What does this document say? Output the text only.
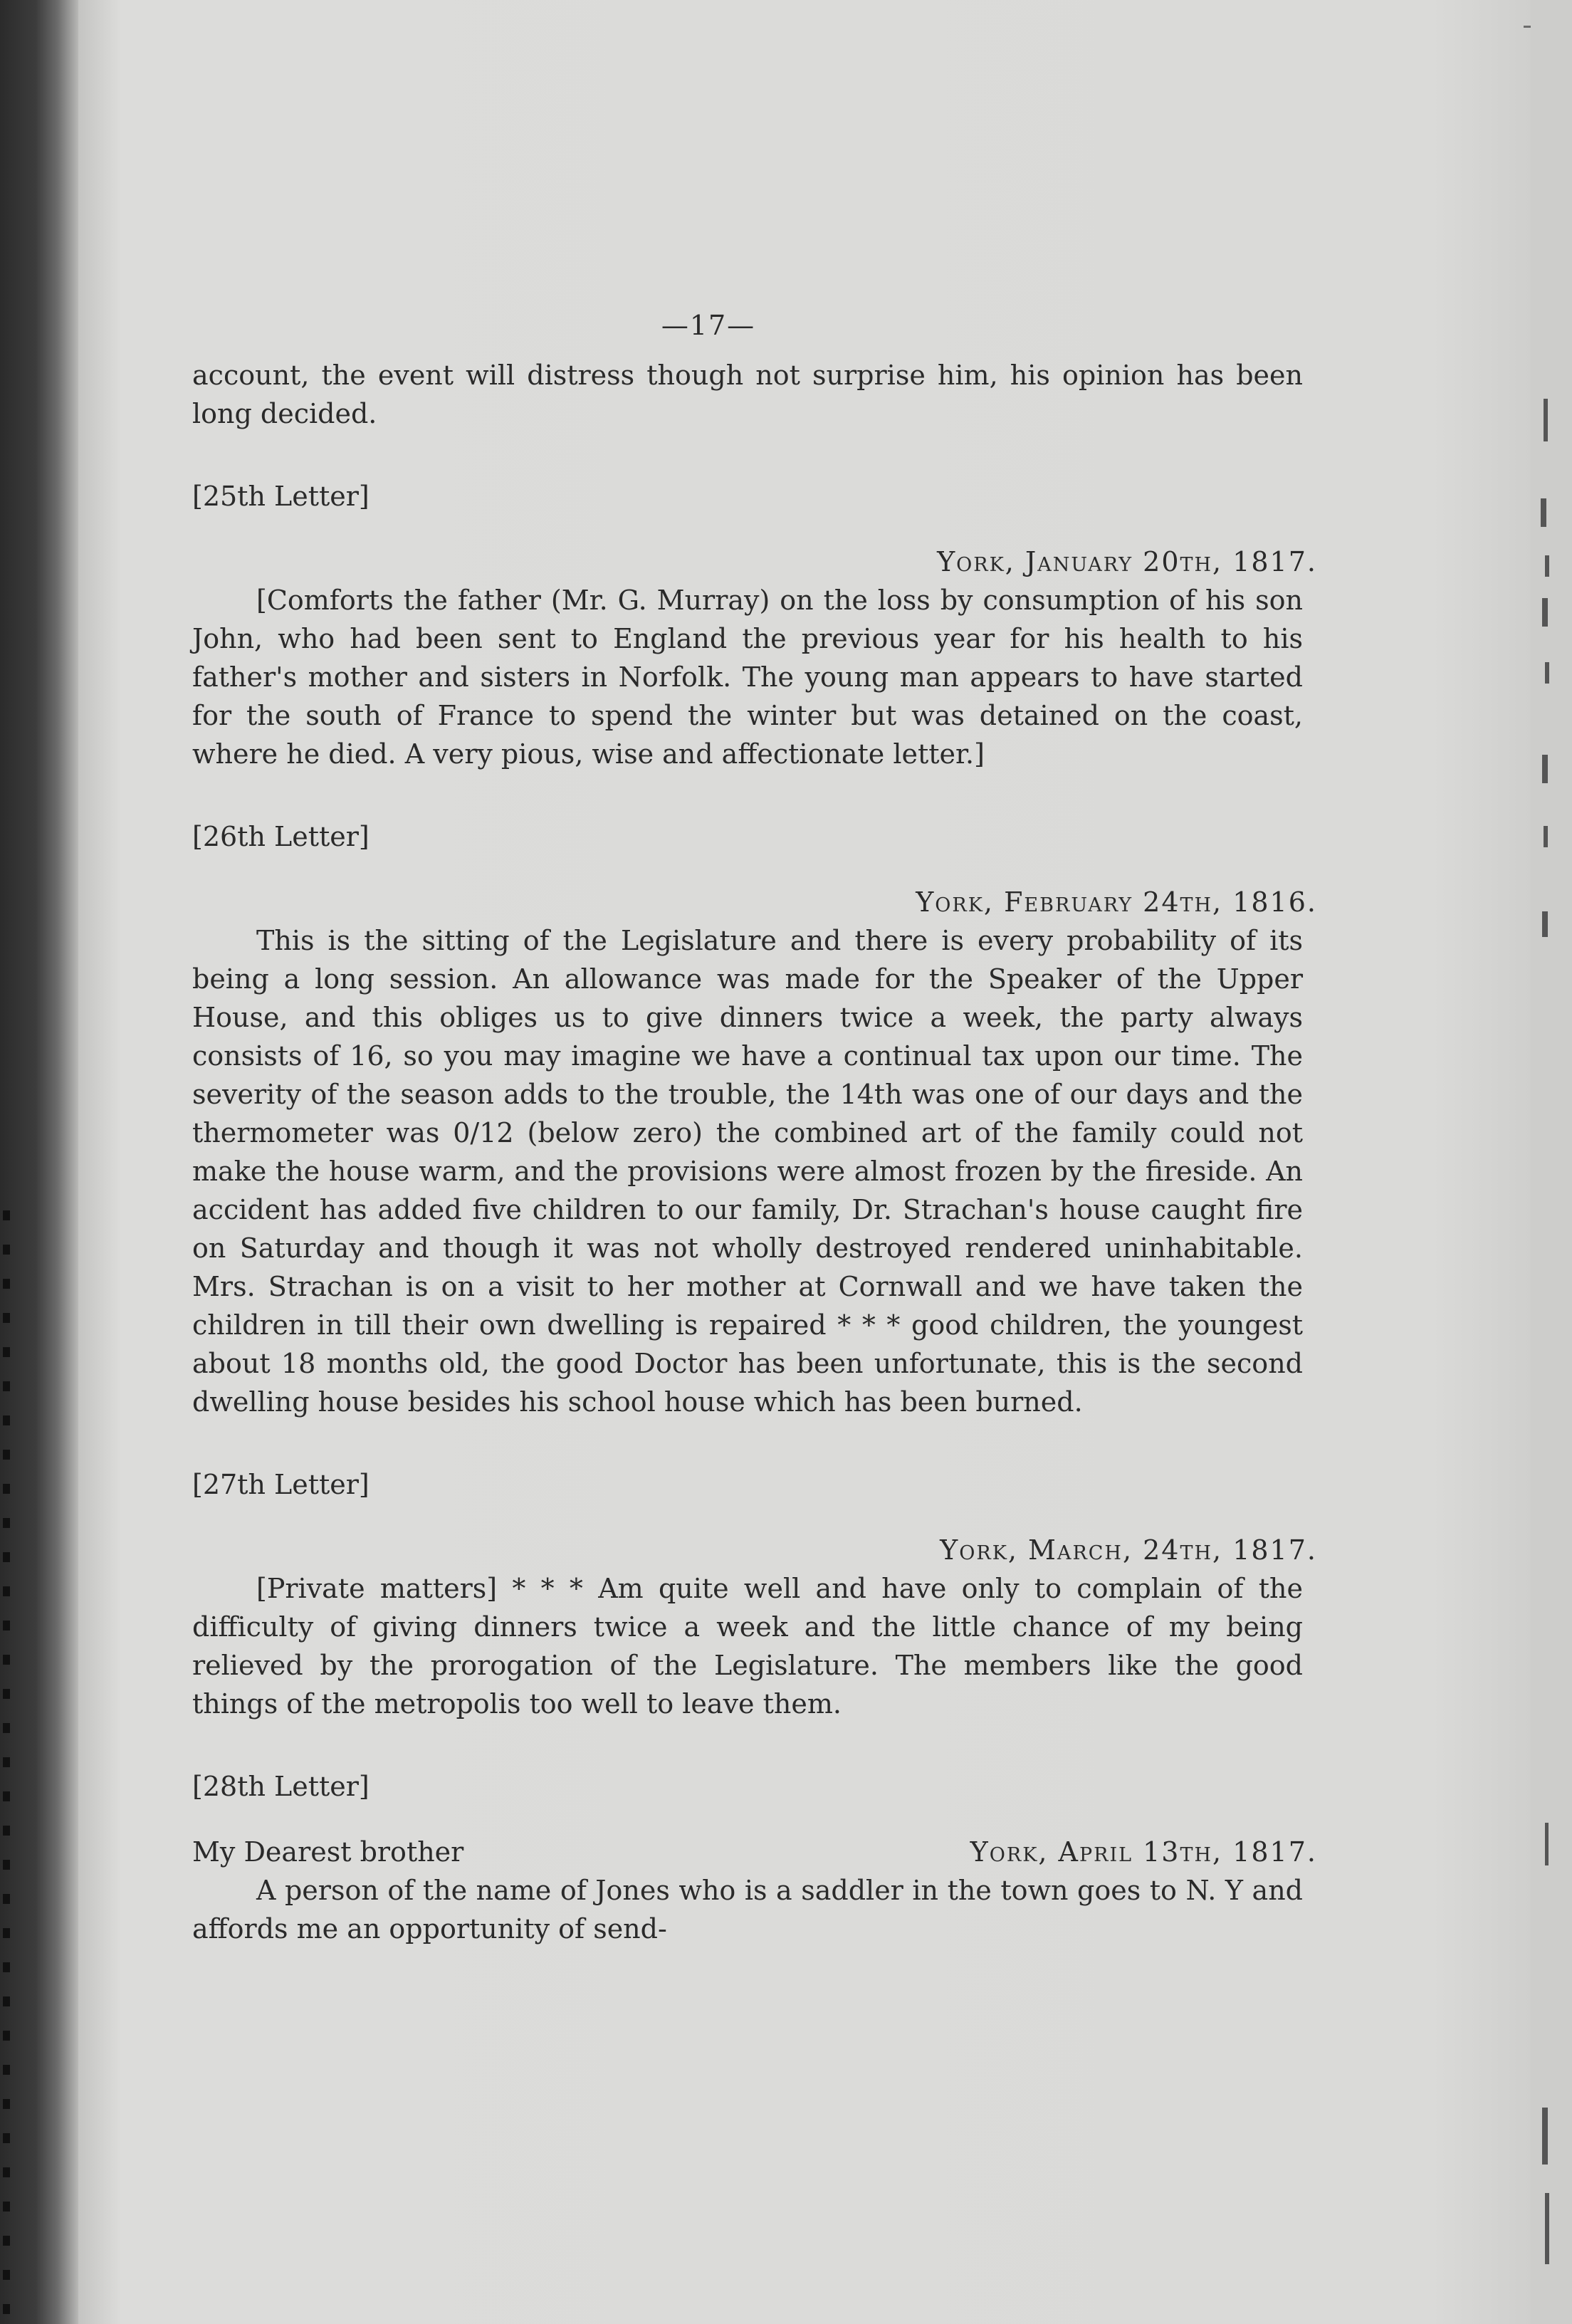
—17—

account, the event will distress though not surprise him, his opinion has been long decided.

[25th Letter]

York, January 20th, 1817.

[Comforts the father (Mr. G. Murray) on the loss by consumption of his son John, who had been sent to England the previous year for his health to his father's mother and sisters in Norfolk. The young man appears to have started for the south of France to spend the winter but was detained on the coast, where he died. A very pious, wise and affectionate letter.]

[26th Letter]

York, February 24th, 1816.

This is the sitting of the Legislature and there is every probability of its being a long session. An allowance was made for the Speaker of the Upper House, and this obliges us to give dinners twice a week, the party always consists of 16, so you may imagine we have a continual tax upon our time. The severity of the season adds to the trouble, the 14th was one of our days and the thermometer was 0/12 (below zero) the combined art of the family could not make the house warm, and the provisions were almost frozen by the fireside. An accident has added five children to our family, Dr. Strachan's house caught fire on Saturday and though it was not wholly destroyed rendered uninhabitable. Mrs. Strachan is on a visit to her mother at Cornwall and we have taken the children in till their own dwelling is repaired * * * good children, the youngest about 18 months old, the good Doctor has been unfortunate, this is the second dwelling house besides his school house which has been burned.

[27th Letter]

York, March, 24th, 1817.

[Private matters] * * * Am quite well and have only to complain of the difficulty of giving dinners twice a week and the little chance of my being relieved by the prorogation of the Legislature. The members like the good things of the metropolis too well to leave them.

[28th Letter]

My Dearest brother	York, April 13th, 1817.

A person of the name of Jones who is a saddler in the town goes to N. Y and affords me an opportunity of send-
